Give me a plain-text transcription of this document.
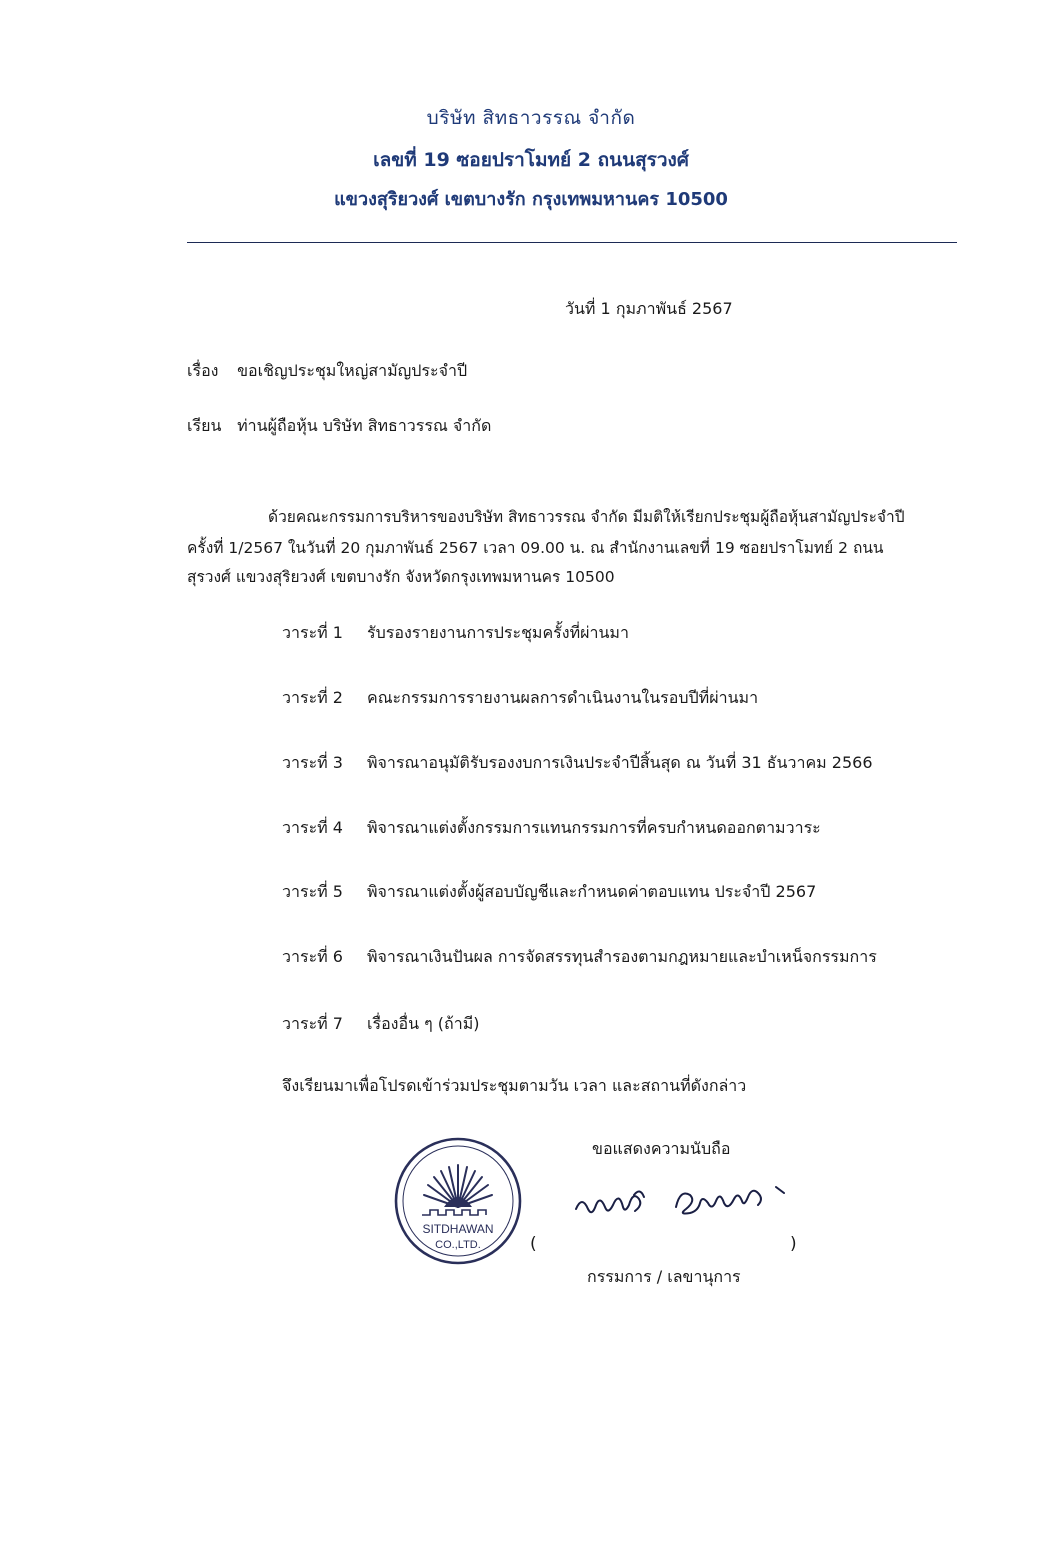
บริษัท สิทธาวรรณ จำกัด
เลขที่ 19 ซอยปราโมทย์ 2 ถนนสุรวงศ์
แขวงสุริยวงศ์ เขตบางรัก กรุงเทพมหานคร 10500
วันที่ 1 กุมภาพันธ์ 2567
เรื่อง ขอเชิญประชุมใหญ่สามัญประจำปี
เรียน ท่านผู้ถือหุ้น บริษัท สิทธาวรรณ จำกัด
ด้วยคณะกรรมการบริหารของบริษัท สิทธาวรรณ จำกัด มีมติให้เรียกประชุมผู้ถือหุ้นสามัญประจำปี
ครั้งที่ 1/2567 ในวันที่ 20 กุมภาพันธ์ 2567 เวลา 09.00 น. ณ สำนักงานเลขที่ 19 ซอยปราโมทย์ 2 ถนน
สุรวงศ์ แขวงสุริยวงศ์ เขตบางรัก จังหวัดกรุงเทพมหานคร 10500
วาระที่ 1	รับรองรายงานการประชุมครั้งที่ผ่านมา
วาระที่ 2	คณะกรรมการรายงานผลการดำเนินงานในรอบปีที่ผ่านมา
วาระที่ 3	พิจารณาอนุมัติรับรองงบการเงินประจำปีสิ้นสุด ณ วันที่ 31 ธันวาคม 2566
วาระที่ 4	พิจารณาแต่งตั้งกรรมการแทนกรรมการที่ครบกำหนดออกตามวาระ
วาระที่ 5	พิจารณาแต่งตั้งผู้สอบบัญชีและกำหนดค่าตอบแทน ประจำปี 2567
วาระที่ 6	พิจารณาเงินปันผล การจัดสรรทุนสำรองตามกฎหมายและบำเหน็จกรรมการ
วาระที่ 7	เรื่องอื่น ๆ (ถ้ามี)
จึงเรียนมาเพื่อโปรดเข้าร่วมประชุมตามวัน เวลา และสถานที่ดังกล่าว
ขอแสดงความนับถือ
SITDHAWAN
CO.,LTD.	(	)
กรรมการ / เลขานุการ
